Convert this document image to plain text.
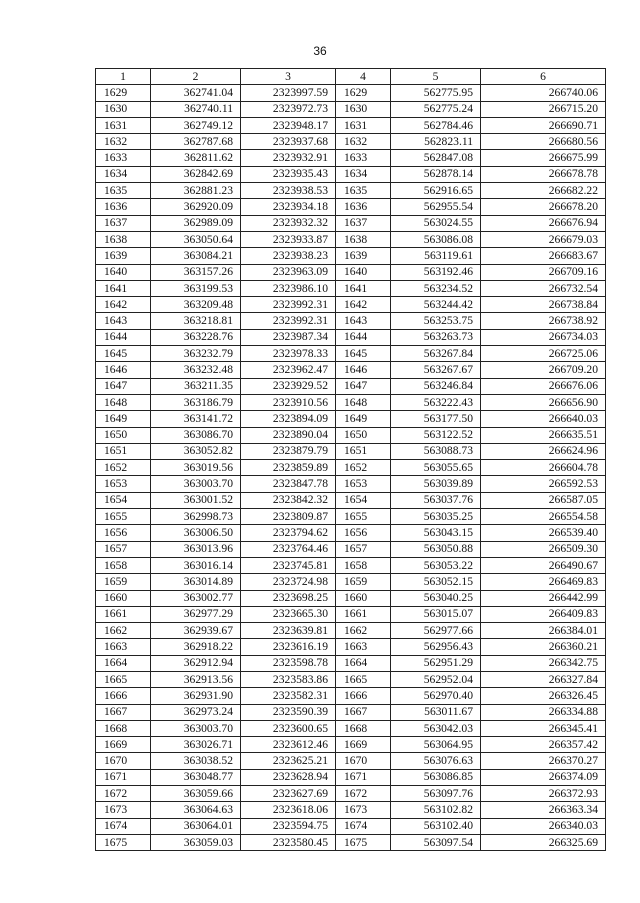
36
1	2	3	4	5	6
1629	362741.04	2323997.59	1629	562775.95	266740.06
1630	362740.11	2323972.73	1630	562775.24	266715.20
1631	362749.12	2323948.17	1631	562784.46	266690.71
1632	362787.68	2323937.68	1632	562823.11	266680.56
1633	362811.62	2323932.91	1633	562847.08	266675.99
1634	362842.69	2323935.43	1634	562878.14	266678.78
1635	362881.23	2323938.53	1635	562916.65	266682.22
1636	362920.09	2323934.18	1636	562955.54	266678.20
1637	362989.09	2323932.32	1637	563024.55	266676.94
1638	363050.64	2323933.87	1638	563086.08	266679.03
1639	363084.21	2323938.23	1639	563119.61	266683.67
1640	363157.26	2323963.09	1640	563192.46	266709.16
1641	363199.53	2323986.10	1641	563234.52	266732.54
1642	363209.48	2323992.31	1642	563244.42	266738.84
1643	363218.81	2323992.31	1643	563253.75	266738.92
1644	363228.76	2323987.34	1644	563263.73	266734.03
1645	363232.79	2323978.33	1645	563267.84	266725.06
1646	363232.48	2323962.47	1646	563267.67	266709.20
1647	363211.35	2323929.52	1647	563246.84	266676.06
1648	363186.79	2323910.56	1648	563222.43	266656.90
1649	363141.72	2323894.09	1649	563177.50	266640.03
1650	363086.70	2323890.04	1650	563122.52	266635.51
1651	363052.82	2323879.79	1651	563088.73	266624.96
1652	363019.56	2323859.89	1652	563055.65	266604.78
1653	363003.70	2323847.78	1653	563039.89	266592.53
1654	363001.52	2323842.32	1654	563037.76	266587.05
1655	362998.73	2323809.87	1655	563035.25	266554.58
1656	363006.50	2323794.62	1656	563043.15	266539.40
1657	363013.96	2323764.46	1657	563050.88	266509.30
1658	363016.14	2323745.81	1658	563053.22	266490.67
1659	363014.89	2323724.98	1659	563052.15	266469.83
1660	363002.77	2323698.25	1660	563040.25	266442.99
1661	362977.29	2323665.30	1661	563015.07	266409.83
1662	362939.67	2323639.81	1662	562977.66	266384.01
1663	362918.22	2323616.19	1663	562956.43	266360.21
1664	362912.94	2323598.78	1664	562951.29	266342.75
1665	362913.56	2323583.86	1665	562952.04	266327.84
1666	362931.90	2323582.31	1666	562970.40	266326.45
1667	362973.24	2323590.39	1667	563011.67	266334.88
1668	363003.70	2323600.65	1668	563042.03	266345.41
1669	363026.71	2323612.46	1669	563064.95	266357.42
1670	363038.52	2323625.21	1670	563076.63	266370.27
1671	363048.77	2323628.94	1671	563086.85	266374.09
1672	363059.66	2323627.69	1672	563097.76	266372.93
1673	363064.63	2323618.06	1673	563102.82	266363.34
1674	363064.01	2323594.75	1674	563102.40	266340.03
1675	363059.03	2323580.45	1675	563097.54	266325.69
